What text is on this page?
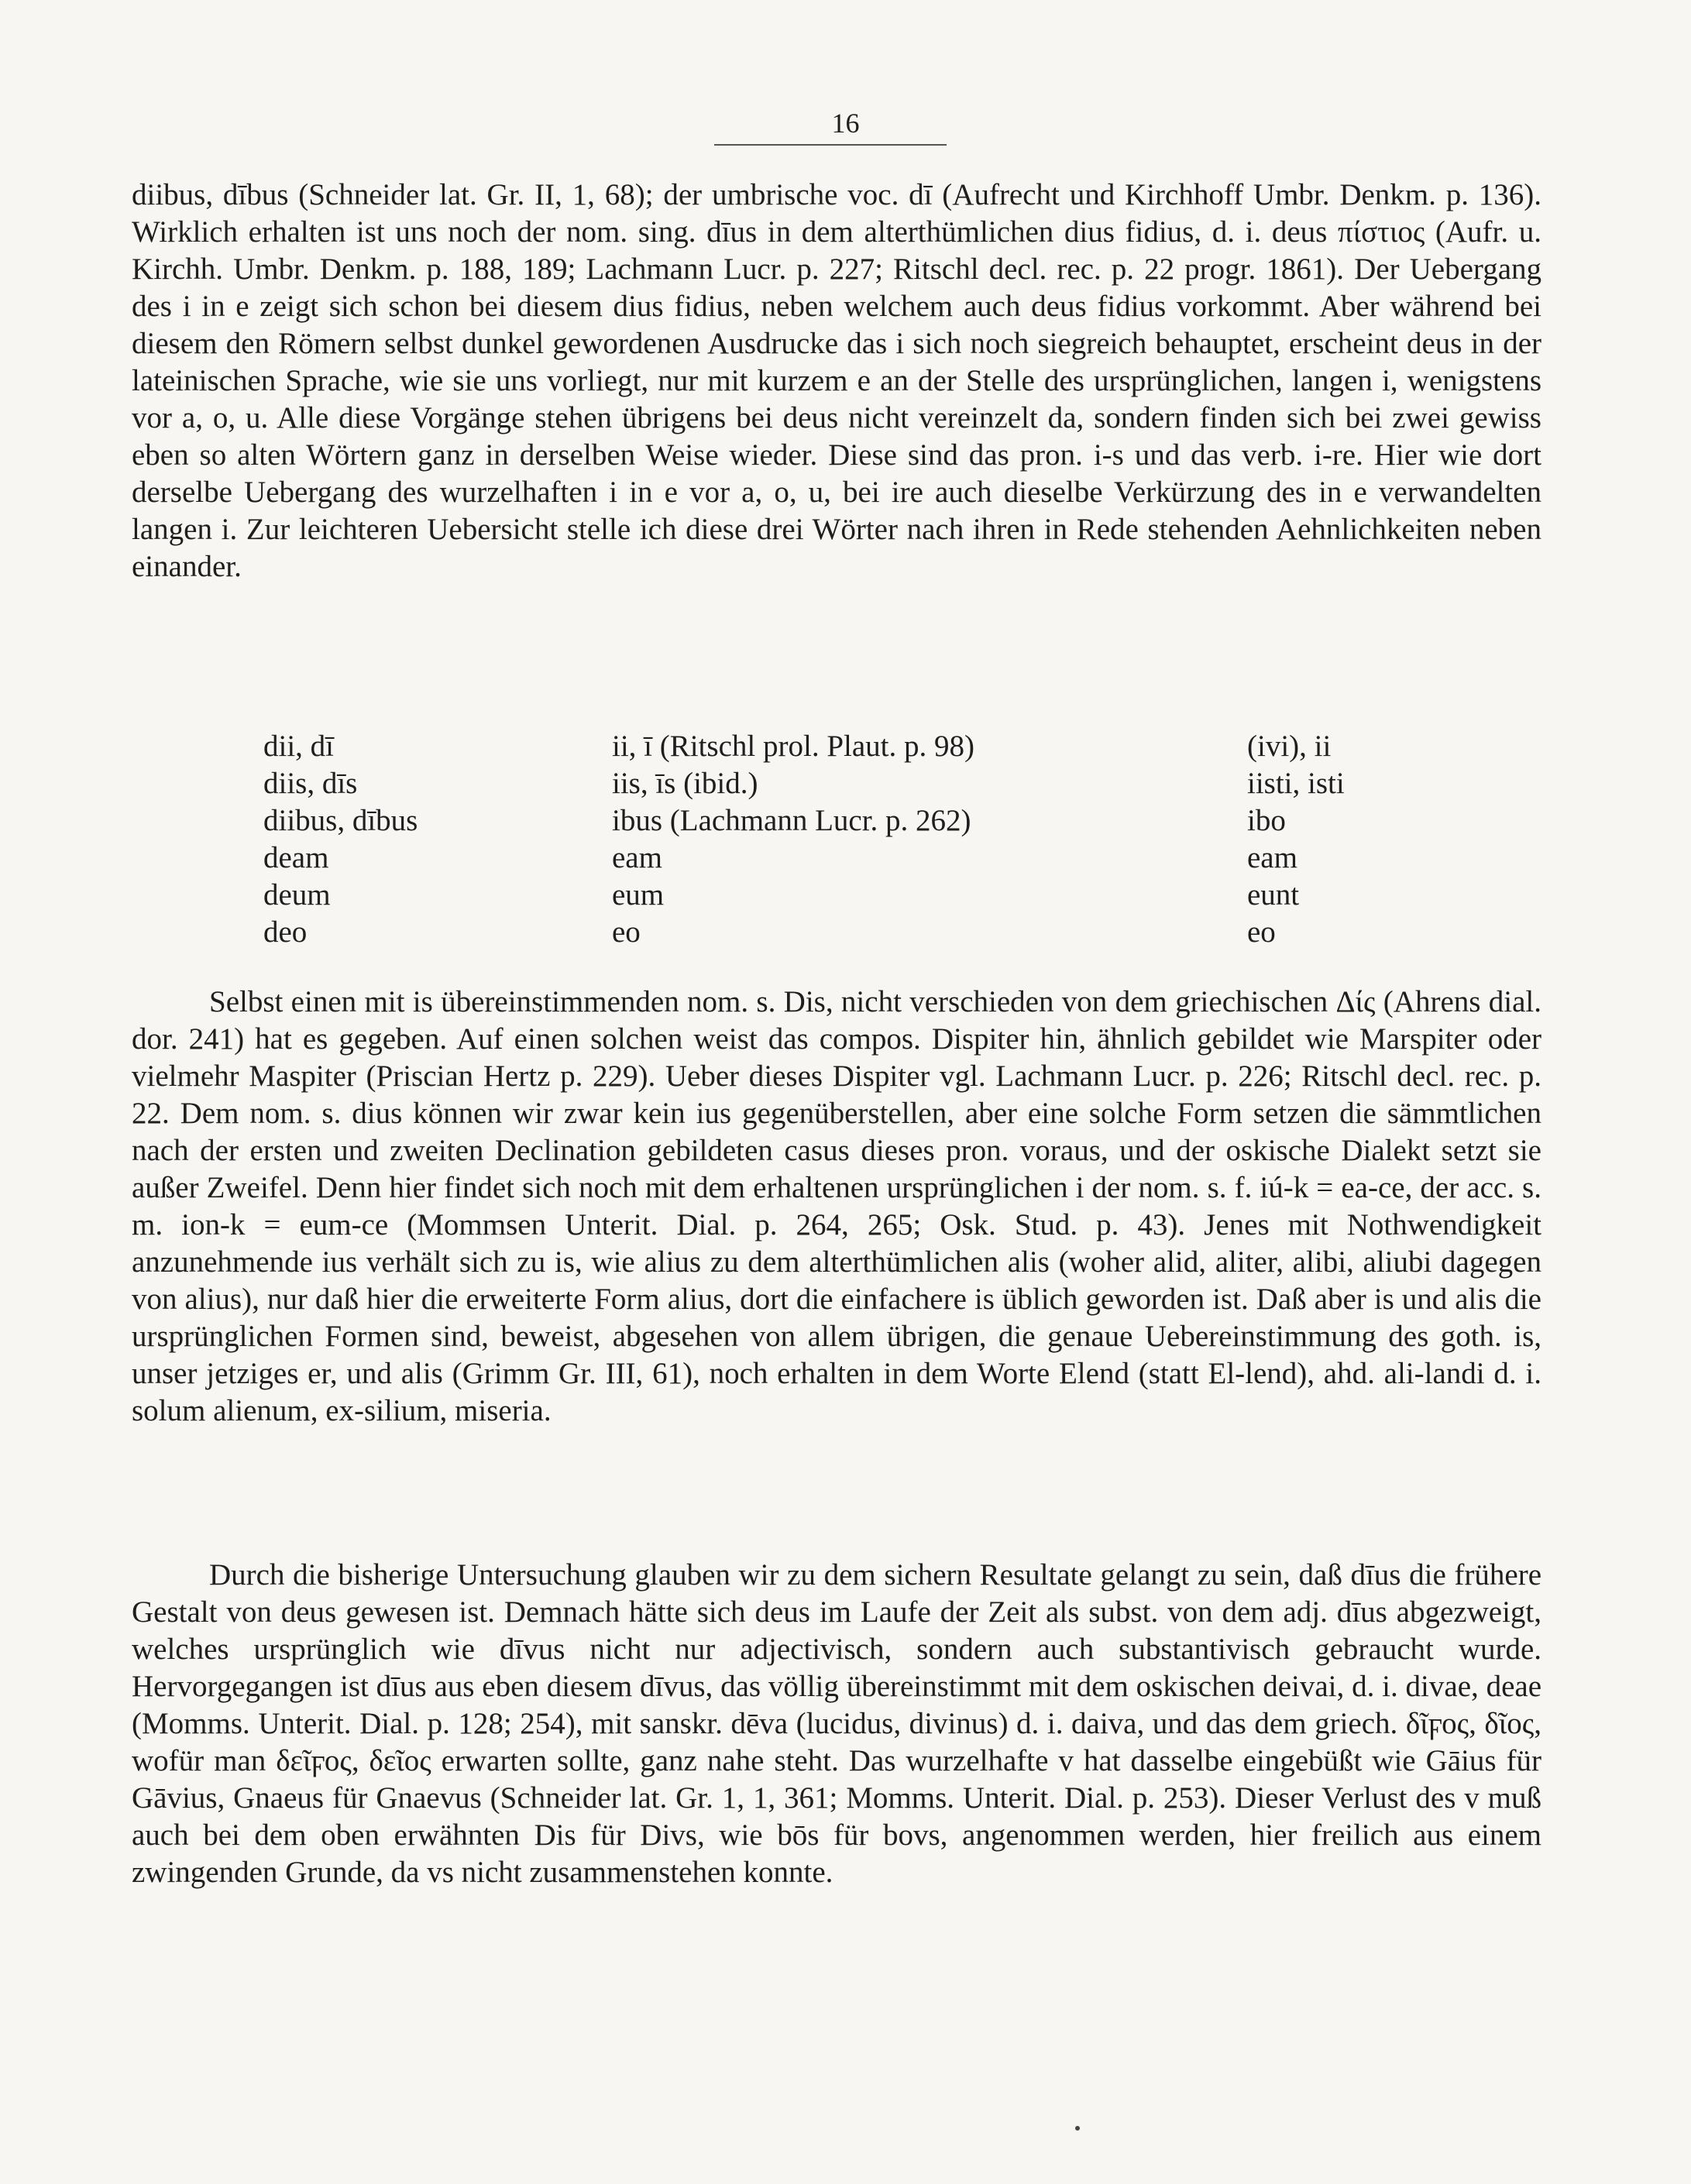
16

diibus, dībus (Schneider lat. Gr. II, 1, 68); der umbrische voc. dī (Aufrecht und Kirchhoff Umbr. Denkm. p. 136). Wirklich erhalten ist uns noch der nom. sing. dīus in dem alterthümlichen dius fidius, d. i. deus πίστιος (Aufr. u. Kirchh. Umbr. Denkm. p. 188, 189; Lachmann Lucr. p. 227; Ritschl decl. rec. p. 22 progr. 1861). Der Uebergang des i in e zeigt sich schon bei diesem dius fidius, neben welchem auch deus fidius vorkommt. Aber während bei diesem den Römern selbst dunkel gewordenen Ausdrucke das i sich noch siegreich behauptet, erscheint deus in der lateinischen Sprache, wie sie uns vorliegt, nur mit kurzem e an der Stelle des ursprünglichen, langen i, wenigstens vor a, o, u. Alle diese Vorgänge stehen übrigens bei deus nicht vereinzelt da, sondern finden sich bei zwei gewiss eben so alten Wörtern ganz in derselben Weise wieder. Diese sind das pron. i-s und das verb. i-re. Hier wie dort derselbe Uebergang des wurzelhaften i in e vor a, o, u, bei ire auch dieselbe Verkürzung des in e verwandelten langen i. Zur leichteren Uebersicht stelle ich diese drei Wörter nach ihren in Rede stehenden Aehnlichkeiten neben einander.

dii, dī	ii, ī (Ritschl prol. Plaut. p. 98)	(ivi), ii
diis, dīs	iis, īs (ibid.)	iisti, isti
diibus, dībus	ibus (Lachmann Lucr. p. 262)	ibo
deam	eam	eam
deum	eum	eunt
deo	eo	eo

Selbst einen mit is übereinstimmenden nom. s. Dis, nicht verschieden von dem griechischen Δίς (Ahrens dial. dor. 241) hat es gegeben. Auf einen solchen weist das compos. Dispiter hin, ähnlich gebildet wie Marspiter oder vielmehr Maspiter (Priscian Hertz p. 229). Ueber dieses Dispiter vgl. Lachmann Lucr. p. 226; Ritschl decl. rec. p. 22. Dem nom. s. dius können wir zwar kein ius gegenüberstellen, aber eine solche Form setzen die sämmtlichen nach der ersten und zweiten Declination gebildeten casus dieses pron. voraus, und der oskische Dialekt setzt sie außer Zweifel. Denn hier findet sich noch mit dem erhaltenen ursprünglichen i der nom. s. f. iú-k = ea-ce, der acc. s. m. ion-k = eum-ce (Mommsen Unterit. Dial. p. 264, 265; Osk. Stud. p. 43). Jenes mit Nothwendigkeit anzunehmende ius verhält sich zu is, wie alius zu dem alterthümlichen alis (woher alid, aliter, alibi, aliubi dagegen von alius), nur daß hier die erweiterte Form alius, dort die einfachere is üblich geworden ist. Daß aber is und alis die ursprünglichen Formen sind, beweist, abgesehen von allem übrigen, die genaue Uebereinstimmung des goth. is, unser jetziges er, und alis (Grimm Gr. III, 61), noch erhalten in dem Worte Elend (statt El-lend), ahd. ali-landi d. i. solum alienum, ex-silium, miseria.

Durch die bisherige Untersuchung glauben wir zu dem sichern Resultate gelangt zu sein, daß dīus die frühere Gestalt von deus gewesen ist. Demnach hätte sich deus im Laufe der Zeit als subst. von dem adj. dīus abgezweigt, welches ursprünglich wie dīvus nicht nur adjectivisch, sondern auch substantivisch gebraucht wurde. Hervorgegangen ist dīus aus eben diesem dīvus, das völlig übereinstimmt mit dem oskischen deivai, d. i. divae, deae (Momms. Unterit. Dial. p. 128; 254), mit sanskr. dēva (lucidus, divinus) d. i. daiva, und das dem griech. δῖϝος, δῖος, wofür man δεῖϝος, δεῖος erwarten sollte, ganz nahe steht. Das wurzelhafte v hat dasselbe eingebüßt wie Gāius für Gāvius, Gnaeus für Gnaevus (Schneider lat. Gr. 1, 1, 361; Momms. Unterit. Dial. p. 253). Dieser Verlust des v muß auch bei dem oben erwähnten Dis für Divs, wie bōs für bovs, angenommen werden, hier freilich aus einem zwingenden Grunde, da vs nicht zusammenstehen konnte.
